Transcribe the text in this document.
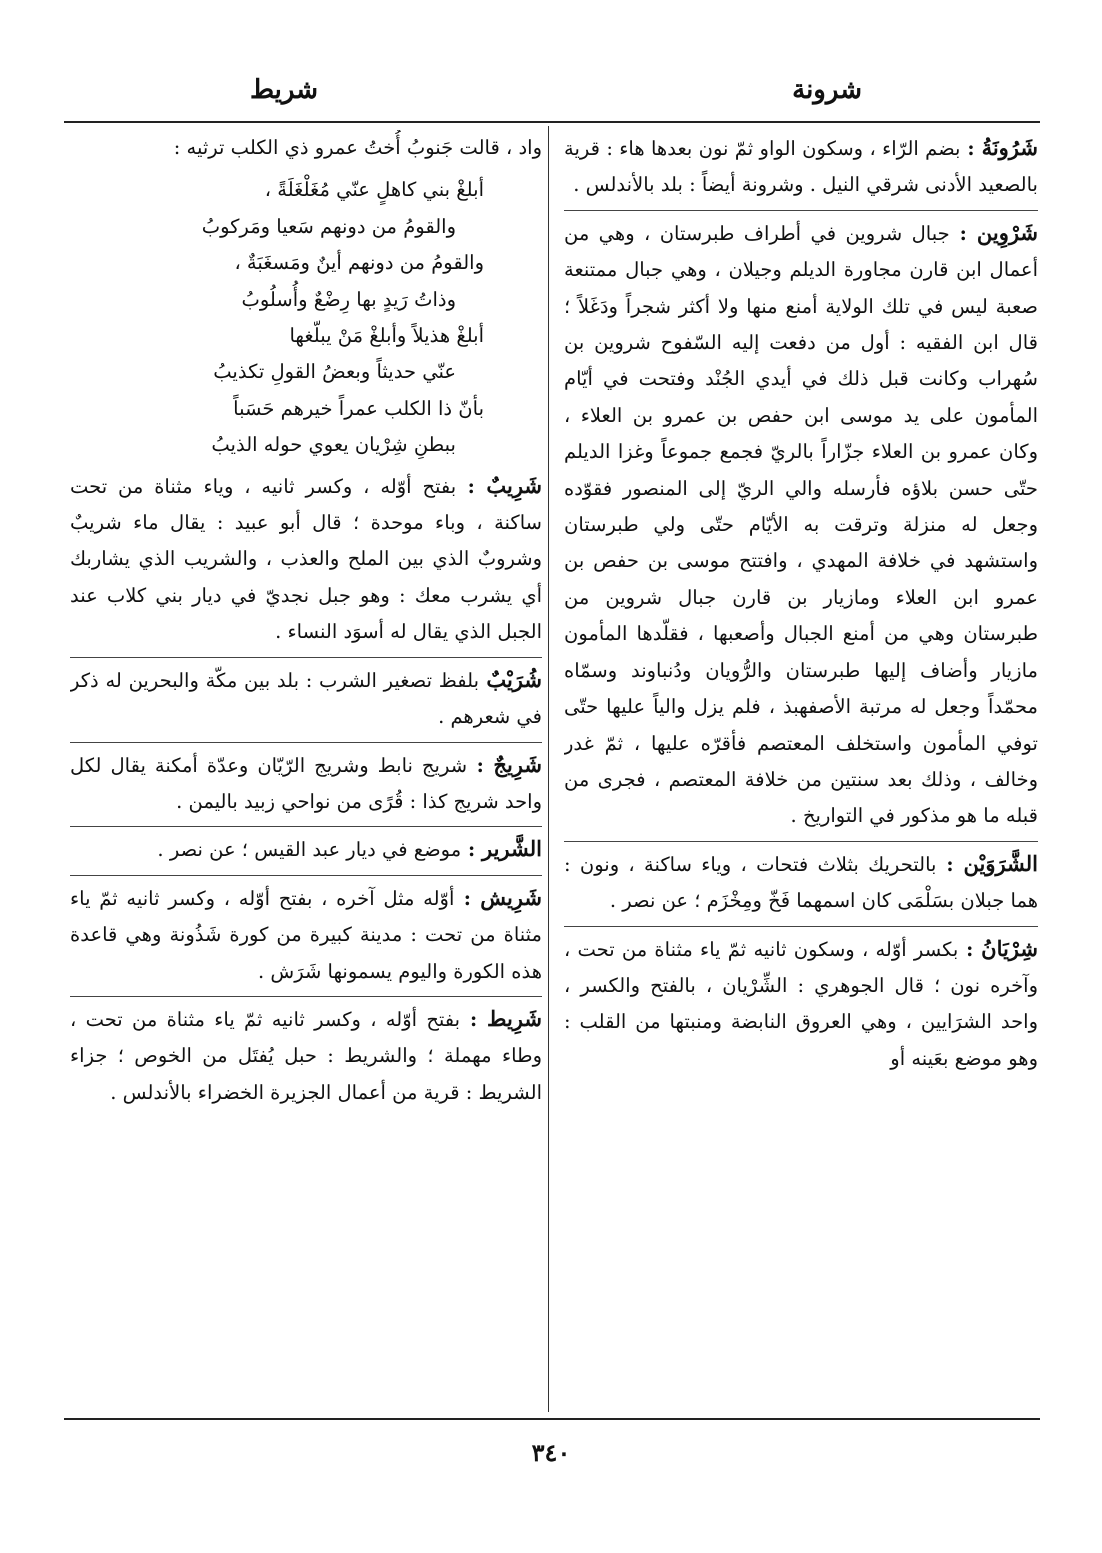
شرونة
شريط

شَرُونَةُ : بضم الرّاء ، وسكون الواو ثمّ نون بعدها هاء : قرية بالصعيد الأدنى شرقي النيل . وشرونة أيضاً : بلد بالأندلس .

شَرْوِين : جبال شروين في أطراف طبرستان ، وهي من أعمال ابن قارن مجاورة الديلم وجيلان ، وهي جبال ممتنعة صعبة ليس في تلك الولاية أمنع منها ولا أكثر شجراً ودَغَلاً ؛ قال ابن الفقيه : أول من دفعت إليه السّفوح شروين بن سُهراب وكانت قبل ذلك في أيدي الجُنْد وفتحت في أيّام المأمون على يد موسى ابن حفص بن عمرو بن العلاء ، وكان عمرو بن العلاء جزّاراً بالريّ فجمع جموعاً وغزا الديلم حتّى حسن بلاؤه فأرسله والي الريّ إلى المنصور فقوّده وجعل له منزلة وترقت به الأيّام حتّى ولي طبرستان واستشهد في خلافة المهدي ، وافتتح موسى بن حفص بن عمرو ابن العلاء ومازيار بن قارن جبال شروين من طبرستان وهي من أمنع الجبال وأصعبها ، فقلّدها المأمون مازيار وأضاف إليها طبرستان والرُّويان ودُنباوند وسمّاه محمّداً وجعل له مرتبة الأصفهبذ ، فلم يزل والياً عليها حتّى توفي المأمون واستخلف المعتصم فأقرّه عليها ، ثمّ غدر وخالف ، وذلك بعد سنتين من خلافة المعتصم ، فجرى من قبله ما هو مذكور في التواريخ .

الشَّرَوَيْن : بالتحريك بثلاث فتحات ، وياء ساكنة ، ونون : هما جبلان بسَلْمَى كان اسمهما فَخّ ومِخْزَم ؛ عن نصر .

شِرْيَانُ : بكسر أوّله ، وسكون ثانيه ثمّ ياء مثناة من تحت ، وآخره نون ؛ قال الجوهري : الشِّرْيان ، بالفتح والكسر ، واحد الشرَايين ، وهي العروق النابضة ومنبتها من القلب : وهو موضع بعَينه أو

واد ، قالت جَنوبُ أُختُ عمرو ذي الكلب ترثيه :

أبلغْ بني كاهلٍ عنّي مُغَلْغَلَةً ،
والقومُ من دونهم سَعيا ومَركوبُ
والقومُ من دونهم أينٌ ومَسغَبَةٌ ،
وذاتُ رَيدٍ بها رِضْعٌ وأُسلُوبُ
أبلغْ هذيلاً وأبلغْ مَنْ يبلّغها
عنّي حديثاً وبعضُ القولِ تكذيبُ
بأنّ ذا الكلب عمراً خيرهم حَسَباً
ببطنِ شِرْيان يعوي حوله الذيبُ

شَرِيبٌ : بفتح أوّله ، وكسر ثانيه ، وياء مثناة من تحت ساكنة ، وباء موحدة ؛ قال أبو عبيد : يقال ماء شريبٌ وشروبٌ الذي بين الملح والعذب ، والشريب الذي يشاربك أي يشرب معك : وهو جبل نجديّ في ديار بني كلاب عند الجبل الذي يقال له أسوَد النساء .

شُرَيْبٌ بلفظ تصغير الشرب : بلد بين مكّة والبحرين له ذكر في شعرهم .

شَرِيجٌ : شريج نابط وشريج الرّيّان وعدّة أمكنة يقال لكل واحد شريج كذا : قُرًى من نواحي زبيد باليمن .

الشَّرير : موضع في ديار عبد القيس ؛ عن نصر .

شَرِيش : أوّله مثل آخره ، بفتح أوّله ، وكسر ثانيه ثمّ ياء مثناة من تحت : مدينة كبيرة من كورة شَذُونة وهي قاعدة هذه الكورة واليوم يسمونها شَرَش .

شَرِيط : بفتح أوّله ، وكسر ثانيه ثمّ ياء مثناة من تحت ، وطاء مهملة ؛ والشريط : حبل يُفتَل من الخوص ؛ جزاء الشريط : قرية من أعمال الجزيرة الخضراء بالأندلس .

٣٤٠
